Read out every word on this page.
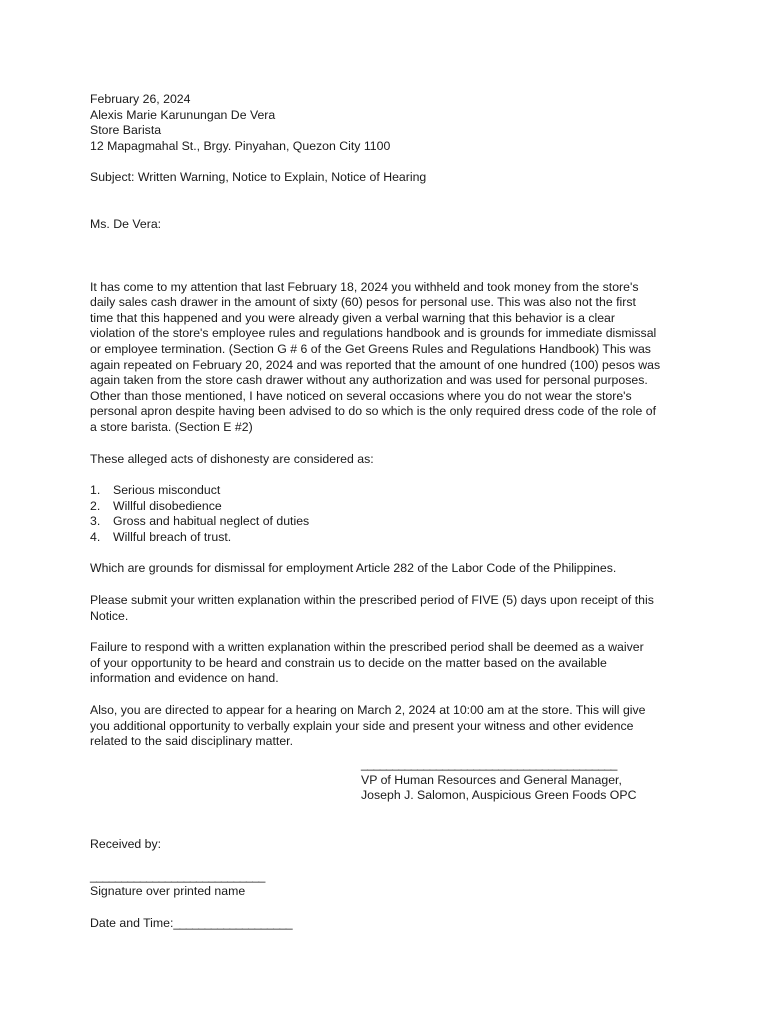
February 26, 2024
Alexis Marie Karunungan De Vera
Store Barista
12 Mapagmahal St., Brgy. Pinyahan, Quezon City 1100
Subject: Written Warning, Notice to Explain, Notice of Hearing
Ms. De Vera:
It has come to my attention that last February 18, 2024 you withheld and took money from the store's
daily sales cash drawer in the amount of sixty (60) pesos for personal use. This was also not the first
time that this happened and you were already given a verbal warning that this behavior is a clear
violation of the store's employee rules and regulations handbook and is grounds for immediate dismissal
or employee termination. (Section G # 6 of the Get Greens Rules and Regulations Handbook) This was
again repeated on February 20, 2024 and was reported that the amount of one hundred (100) pesos was
again taken from the store cash drawer without any authorization and was used for personal purposes.
Other than those mentioned, I have noticed on several occasions where you do not wear the store's
personal apron despite having been advised to do so which is the only required dress code of the role of
a store barista. (Section E #2)
These alleged acts of dishonesty are considered as:
1.	Serious misconduct
2.	Willful disobedience
3.	Gross and habitual neglect of duties
4.	Willful breach of trust.
Which are grounds for dismissal for employment Article 282 of the Labor Code of the Philippines.
Please submit your written explanation within the prescribed period of FIVE (5) days upon receipt of this
Notice.
Failure to respond with a written explanation within the prescribed period shall be deemed as a waiver
of your opportunity to be heard and constrain us to decide on the matter based on the available
information and evidence on hand.
Also, you are directed to appear for a hearing on March 2, 2024 at 10:00 am at the store. This will give
you additional opportunity to verbally explain your side and present your witness and other evidence
related to the said disciplinary matter.
_________________________________________
VP of Human Resources and General Manager,
Joseph J. Salomon, Auspicious Green Foods OPC
Received by:
____________________________
Signature over printed name
Date and Time:___________________
